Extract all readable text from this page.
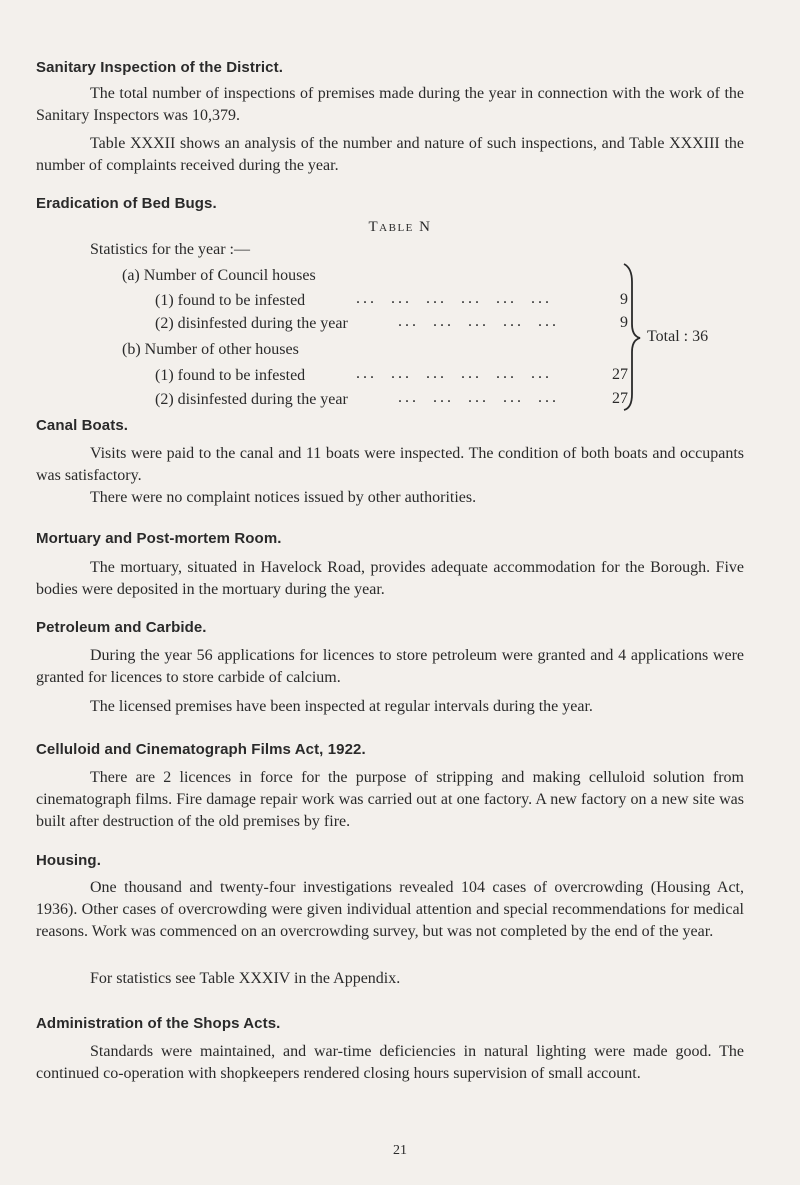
Sanitary Inspection of the District.

The total number of inspections of premises made during the year in connection with the work of the Sanitary Inspectors was 10,379.

Table XXXII shows an analysis of the number and nature of such inspections, and Table XXXIII the number of complaints received during the year.

Eradication of Bed Bugs.
Table N
Statistics for the year :—
(a) Number of Council houses
(1) found to be infested	...  ...  ...  ...  ...  ...	9
(2) disinfested during the year	...  ...  ...  ...  ...	9
(b) Number of other houses
(1) found to be infested	...  ...  ...  ...  ...  ...	27
(2) disinfested during the year	...  ...  ...  ...  ...	27
Total : 36
Canal Boats.

Visits were paid to the canal and 11 boats were inspected. The condition of both boats and occupants was satisfactory.

There were no complaint notices issued by other authorities.

Mortuary and Post-mortem Room.

The mortuary, situated in Havelock Road, provides adequate accommodation for the Borough. Five bodies were deposited in the mortuary during the year.

Petroleum and Carbide.

During the year 56 applications for licences to store petroleum were granted and 4 applications were granted for licences to store carbide of calcium.

The licensed premises have been inspected at regular intervals during the year.

Celluloid and Cinematograph Films Act, 1922.

There are 2 licences in force for the purpose of stripping and making celluloid solution from cinematograph films. Fire damage repair work was carried out at one factory. A new factory on a new site was built after destruction of the old premises by fire.

Housing.

One thousand and twenty-four investigations revealed 104 cases of overcrowding (Housing Act, 1936). Other cases of overcrowding were given individual attention and special recommendations for medical reasons. Work was commenced on an overcrowding survey, but was not completed by the end of the year.

For statistics see Table XXXIV in the Appendix.

Administration of the Shops Acts.

Standards were maintained, and war-time deficiencies in natural lighting were made good. The continued co-operation with shopkeepers rendered closing hours supervision of small account.

21
